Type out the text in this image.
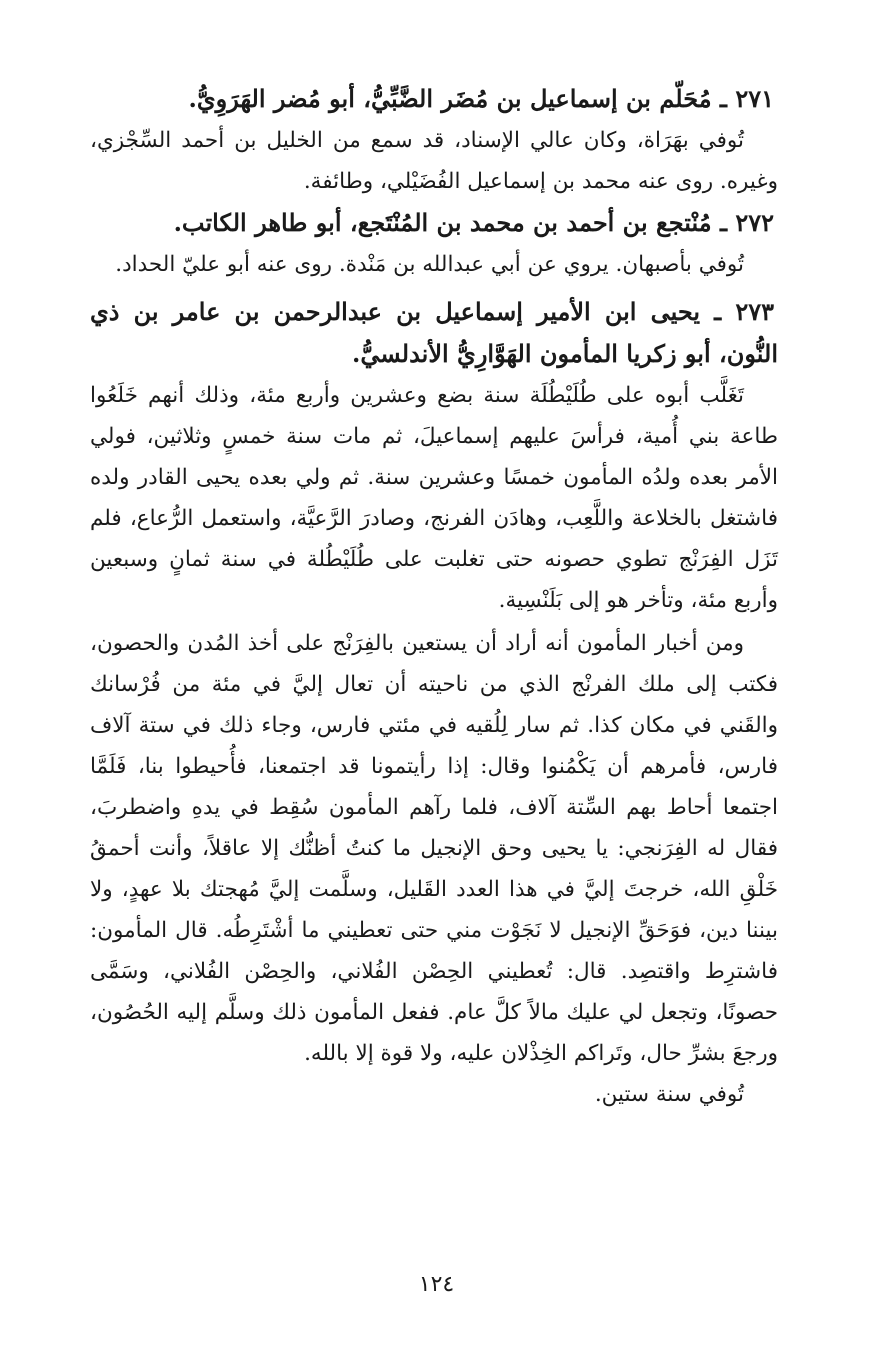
٢٧١ ـ مُحَلّم بن إسماعيل بن مُضَر الضَّبِّيُّ، أبو مُضر الهَرَوِيُّ.

تُوفي بهَرَاة، وكان عالي الإسناد، قد سمع من الخليل بن أحمد السِّجْزي، وغيره. روى عنه محمد بن إسماعيل الفُضَيْلي، وطائفة.

٢٧٢ ـ مُنْتجع بن أحمد بن محمد بن المُنْتَجع، أبو طاهر الكاتب.

تُوفي بأصبهان. يروي عن أبي عبدالله بن مَنْدة. روى عنه أبو عليّ الحداد.

٢٧٣ ـ يحيى ابن الأمير إسماعيل بن عبدالرحمن بن عامر بن ذي النُّون، أبو زكريا المأمون الهَوَّارِيُّ الأندلسيُّ.

تَغَلَّب أبوه على طُلَيْطُلَة سنة بضع وعشرين وأربع مئة، وذلك أنهم خَلَعُوا طاعة بني أُمية، فرأسَ عليهم إسماعيلَ، ثم مات سنة خمسٍ وثلاثين، فولي الأمر بعده ولدُه المأمون خمسًا وعشرين سنة. ثم ولي بعده يحيى القادر ولده فاشتغل بالخلاعة واللَّعِب، وهادَن الفرنج، وصادرَ الرَّعيَّة، واستعمل الرُّعاع، فلم تَزَل الفِرَنْج تطوي حصونه حتى تغلبت على طُلَيْطُلة في سنة ثمانٍ وسبعين وأربع مئة، وتأخر هو إلى بَلَنْسِية.

ومن أخبار المأمون أنه أراد أن يستعين بالفِرَنْج على أخذ المُدن والحصون، فكتب إلى ملك الفرنْج الذي من ناحيته أن تعال إليَّ في مئة من فُرْسانك والقَني في مكان كذا. ثم سار لِلُقيه في مئتي فارس، وجاء ذلك في ستة آلاف فارس، فأمرهم أن يَكْمُنوا وقال: إذا رأيتمونا قد اجتمعنا، فأُحيطوا بنا، فَلَمَّا اجتمعا أحاط بهم السِّتة آلاف، فلما رآهم المأمون سُقِط في يدهِ واضطربَ، فقال له الفِرَنجي: يا يحيى وحق الإنجيل ما كنتُ أظنُّك إلا عاقلاً، وأنت أحمقُ خَلْقِ الله، خرجتَ إليَّ في هذا العدد القَليل، وسلَّمت إليَّ مُهجتك بلا عهدٍ، ولا بيننا دين، فوَحَقِّ الإنجيل لا نَجَوْت مني حتى تعطيني ما أشْتَرِطُه. قال المأمون: فاشترِط واقتصِد. قال: تُعطيني الحِصْن الفُلاني، والحِصْن الفُلاني، وسَمَّى حصونًا، وتجعل لي عليك مالاً كلَّ عام. ففعل المأمون ذلك وسلَّم إليه الحُصُون، ورجعَ بشرِّ حال، وتَراكم الخِذْلان عليه، ولا قوة إلا بالله.

تُوفي سنة ستين.

١٢٤
